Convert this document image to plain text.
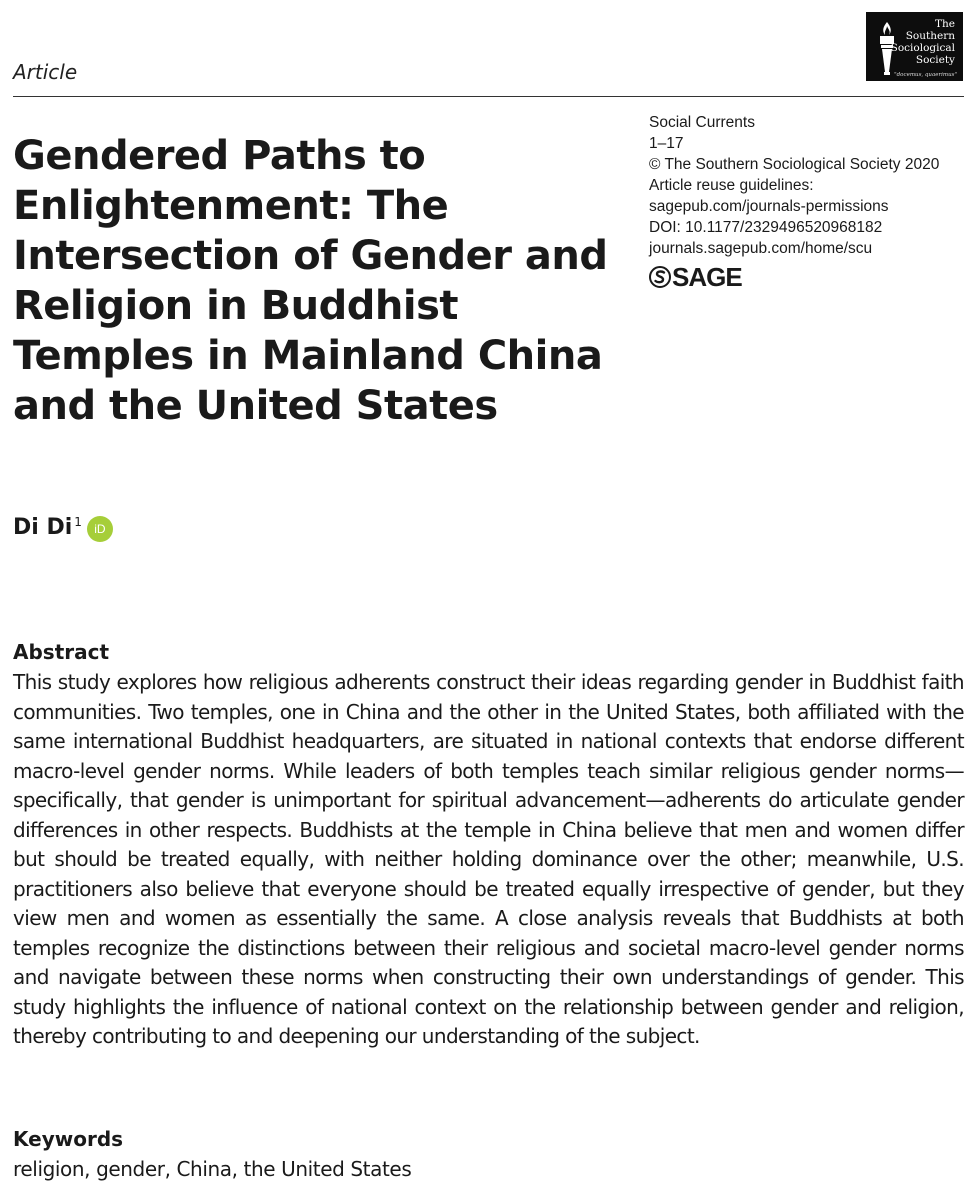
Article
The
Southern
Sociological
Society
"docemus, quaerimus"
Gendered Paths to Enlightenment: The Intersection of Gender and Religion in Buddhist Temples in Mainland China and the United States
Social Currents
1–17
© The Southern Sociological Society 2020
Article reuse guidelines:
sagepub.com/journals-permissions
DOI: 10.1177/2329496520968182
journals.sagepub.com/home/scu
SAGE
Di Di$^1$	iD
Abstract

This study explores how religious adherents construct their ideas regarding gender in Buddhist faith communities. Two temples, one in China and the other in the United States, both affiliated with the same international Buddhist headquarters, are situated in national contexts that endorse different macro-level gender norms. While leaders of both temples teach similar religious gender norms—specifically, that gender is unimportant for spiritual advancement—adherents do articulate gender differences in other respects. Buddhists at the temple in China believe that men and women differ but should be treated equally, with neither holding dominance over the other; meanwhile, U.S. practitioners also believe that everyone should be treated equally irrespective of gender, but they view men and women as essentially the same. A close analysis reveals that Buddhists at both temples recognize the distinctions between their religious and societal macro-level gender norms and navigate between these norms when constructing their own understandings of gender. This study highlights the influence of national context on the relationship between gender and religion, thereby contributing to and deepening our understanding of the subject.

Keywords
religion, gender, China, the United States
